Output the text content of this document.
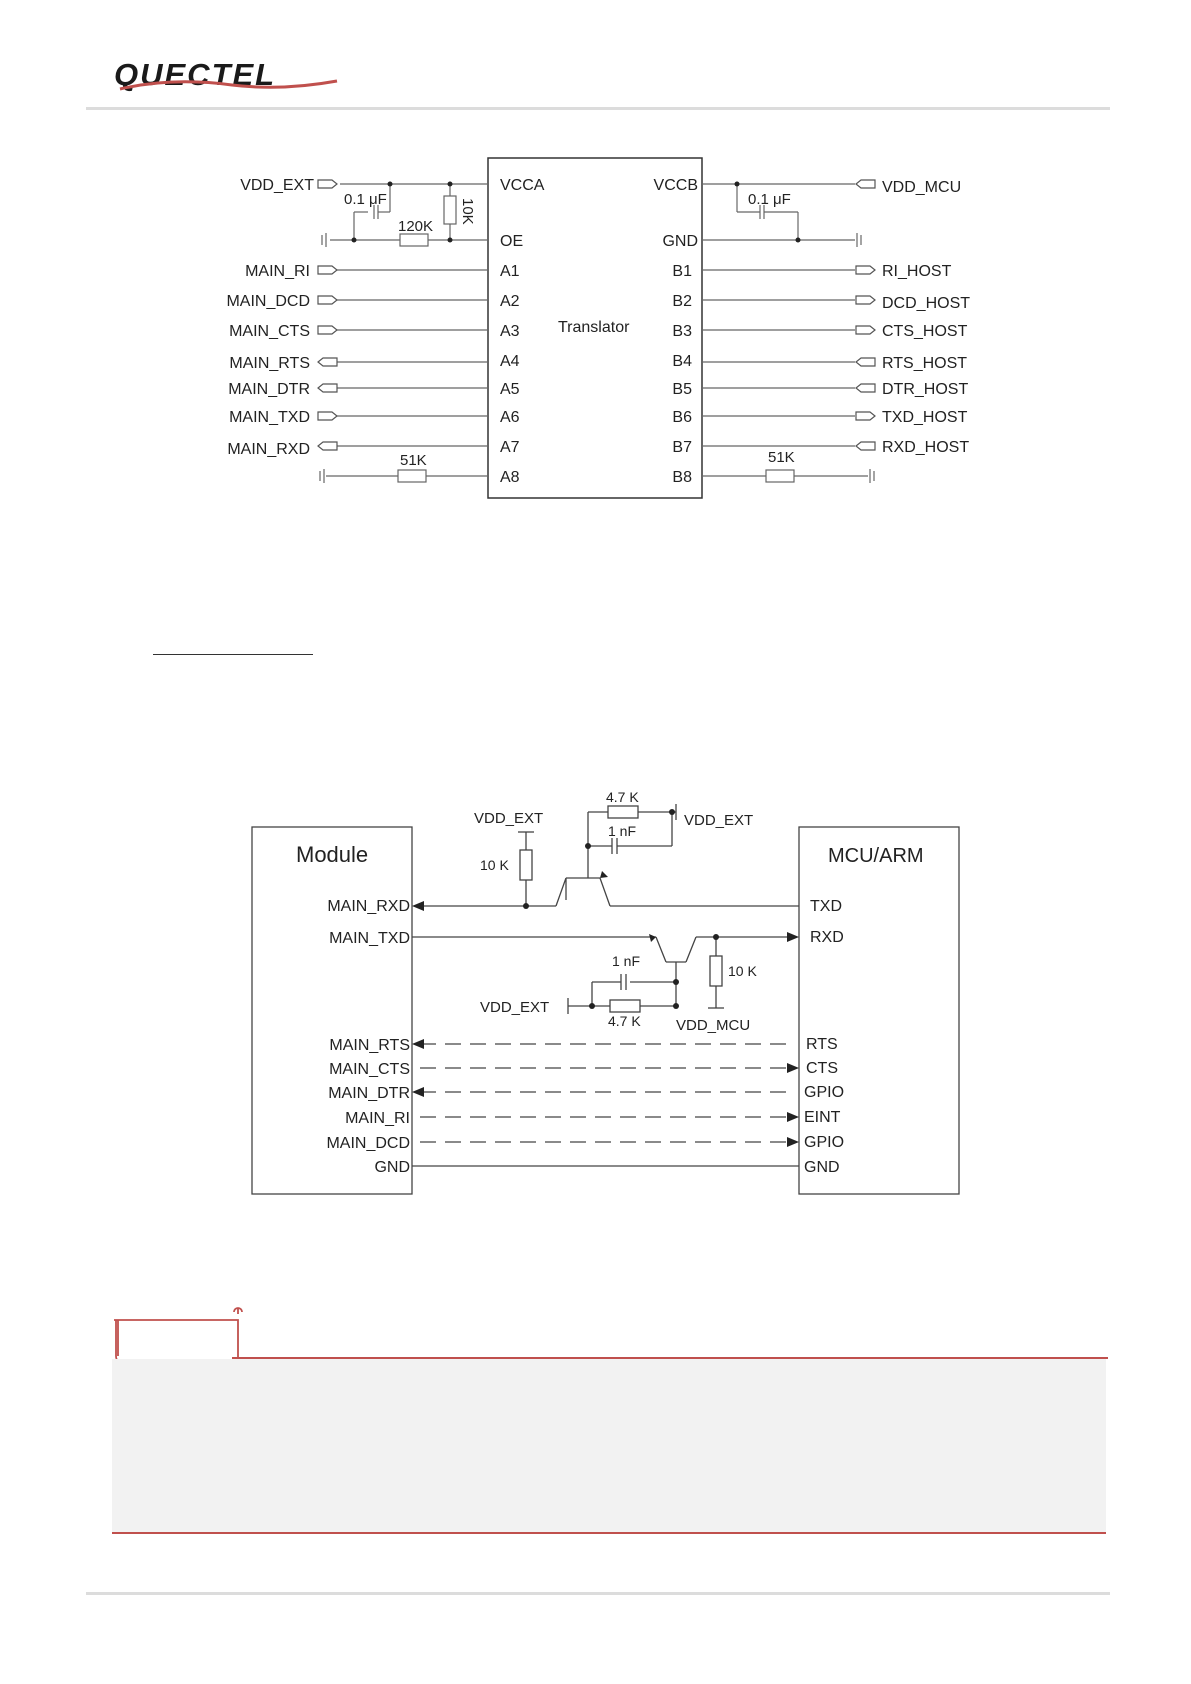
QUECTEL
Translator
VCCA
OE
A1
A2
A3
A4
A5
A6
A7
A8
VCCB
GND
B1
B2
B3
B4
B5
B6
B7
B8
VDD_EXT
MAIN_RI
MAIN_DCD
MAIN_CTS
MAIN_RTS
MAIN_DTR
MAIN_TXD
MAIN_RXD
VDD_MCU
RI_HOST
DCD_HOST
CTS_HOST
RTS_HOST
DTR_HOST
TXD_HOST
RXD_HOST
0.1 μF	0.1 μF
120K
10K
51K	51K
Module	MCU/ARM
MAIN_RXD
MAIN_TXD
MAIN_RTS
MAIN_CTS
MAIN_DTR
MAIN_RI
MAIN_DCD
GND
TXD
RXD
RTS
CTS
GPIO
EINT
GPIO
GND
VDD_EXT	VDD_EXT
VDD_EXT
VDD_MCU
4.7 K
1 nF
10 K
1 nF
4.7 K
10 K
